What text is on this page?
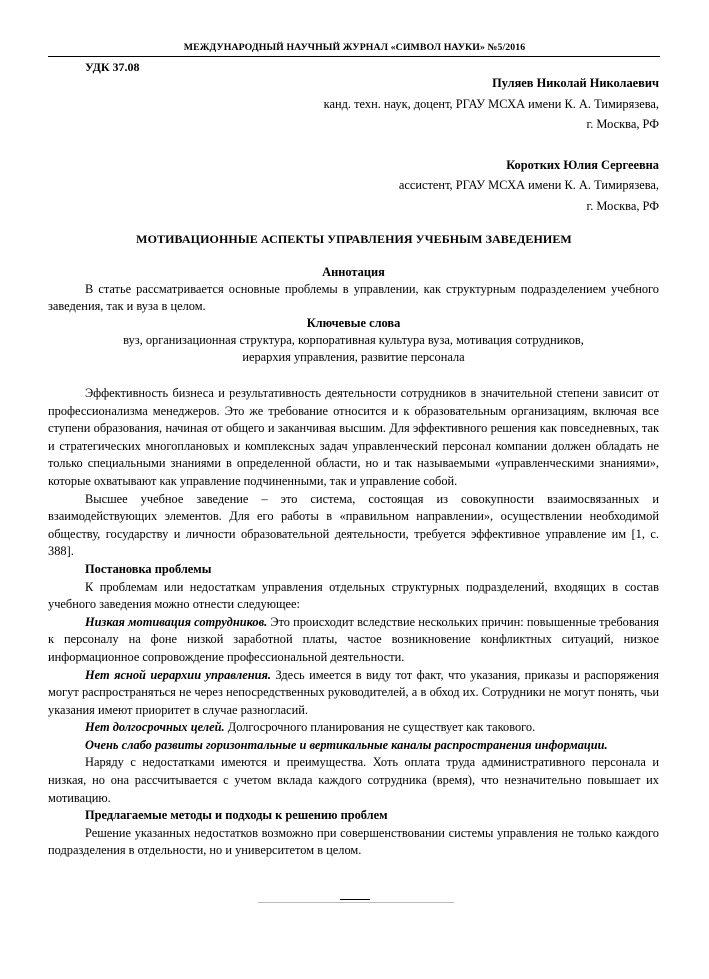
МЕЖДУНАРОДНЫЙ НАУЧНЫЙ ЖУРНАЛ «СИМВОЛ НАУКИ» №5/2016
УДК 37.08
Пуляев Николай Николаевич
канд. техн. наук, доцент, РГАУ МСХА имени К. А. Тимирязева,
г. Москва, РФ
Коротких Юлия Сергеевна
ассистент, РГАУ МСХА имени К. А. Тимирязева,
г. Москва, РФ
МОТИВАЦИОННЫЕ АСПЕКТЫ УПРАВЛЕНИЯ УЧЕБНЫМ ЗАВЕДЕНИЕМ
Аннотация

В статье рассматривается основные проблемы в управлении, как структурным подразделением учебного заведения, так и вуза в целом.

Ключевые слова
вуз, организационная структура, корпоративная культура вуза, мотивация сотрудников,
иерархия управления, развитие персонала

Эффективность бизнеса и результативность деятельности сотрудников в значительной степени зависит от профессионализма менеджеров. Это же требование относится и к образовательным организациям, включая все ступени образования, начиная от общего и заканчивая высшим. Для эффективного решения как повседневных, так и стратегических многоплановых и комплексных задач управленческий персонал компании должен обладать не только специальными знаниями в определенной области, но и так называемыми «управленческими знаниями», которые охватывают как управление подчиненными, так и управление собой.

Высшее учебное заведение – это система, состоящая из совокупности взаимосвязанных и взаимодействующих элементов. Для его работы в «правильном направлении», осуществлении необходимой обществу, государству и личности образовательной деятельности, требуется эффективное управление им [1, с. 388].

Постановка проблемы

К проблемам или недостаткам управления отдельных структурных подразделений, входящих в состав учебного заведения можно отнести следующее:

Низкая мотивация сотрудников. Это происходит вследствие нескольких причин: повышенные требования к персоналу на фоне низкой заработной платы, частое возникновение конфликтных ситуаций, низкое информационное сопровождение профессиональной деятельности.

Нет ясной иерархии управления. Здесь имеется в виду тот факт, что указания, приказы и распоряжения могут распространяться не через непосредственных руководителей, а в обход их. Сотрудники не могут понять, чьи указания имеют приоритет в случае разногласий.

Нет долгосрочных целей. Долгосрочного планирования не существует как такового.

Очень слабо развиты горизонтальные и вертикальные каналы распространения информации.

Наряду с недостатками имеются и преимущества. Хоть оплата труда административного персонала и низкая, но она рассчитывается с учетом вклада каждого сотрудника (время), что незначительно повышает их мотивацию.

Предлагаемые методы и подходы к решению проблем

Решение указанных недостатков возможно при совершенствовании системы управления не только каждого подразделения в отдельности, но и университетом в целом.
